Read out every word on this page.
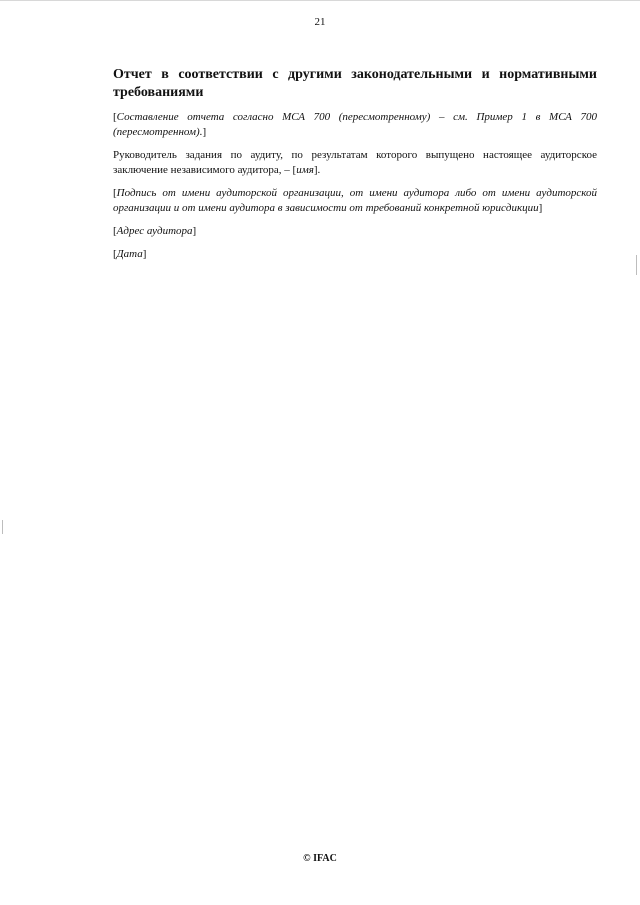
21

Отчет в соответствии с другими законодательными и нормативными требованиями

[Составление отчета согласно МСА 700 (пересмотренному) – см. Пример 1 в МСА 700 (пересмотренном).]

Руководитель задания по аудиту, по результатам которого выпущено настоящее аудиторское заключение независимого аудитора, – [имя].

[Подпись от имени аудиторской организации, от имени аудитора либо от имени аудиторской организации и от имени аудитора в зависимости от требований конкретной юрисдикции]

[Адрес аудитора]

[Дата]

© IFAC
